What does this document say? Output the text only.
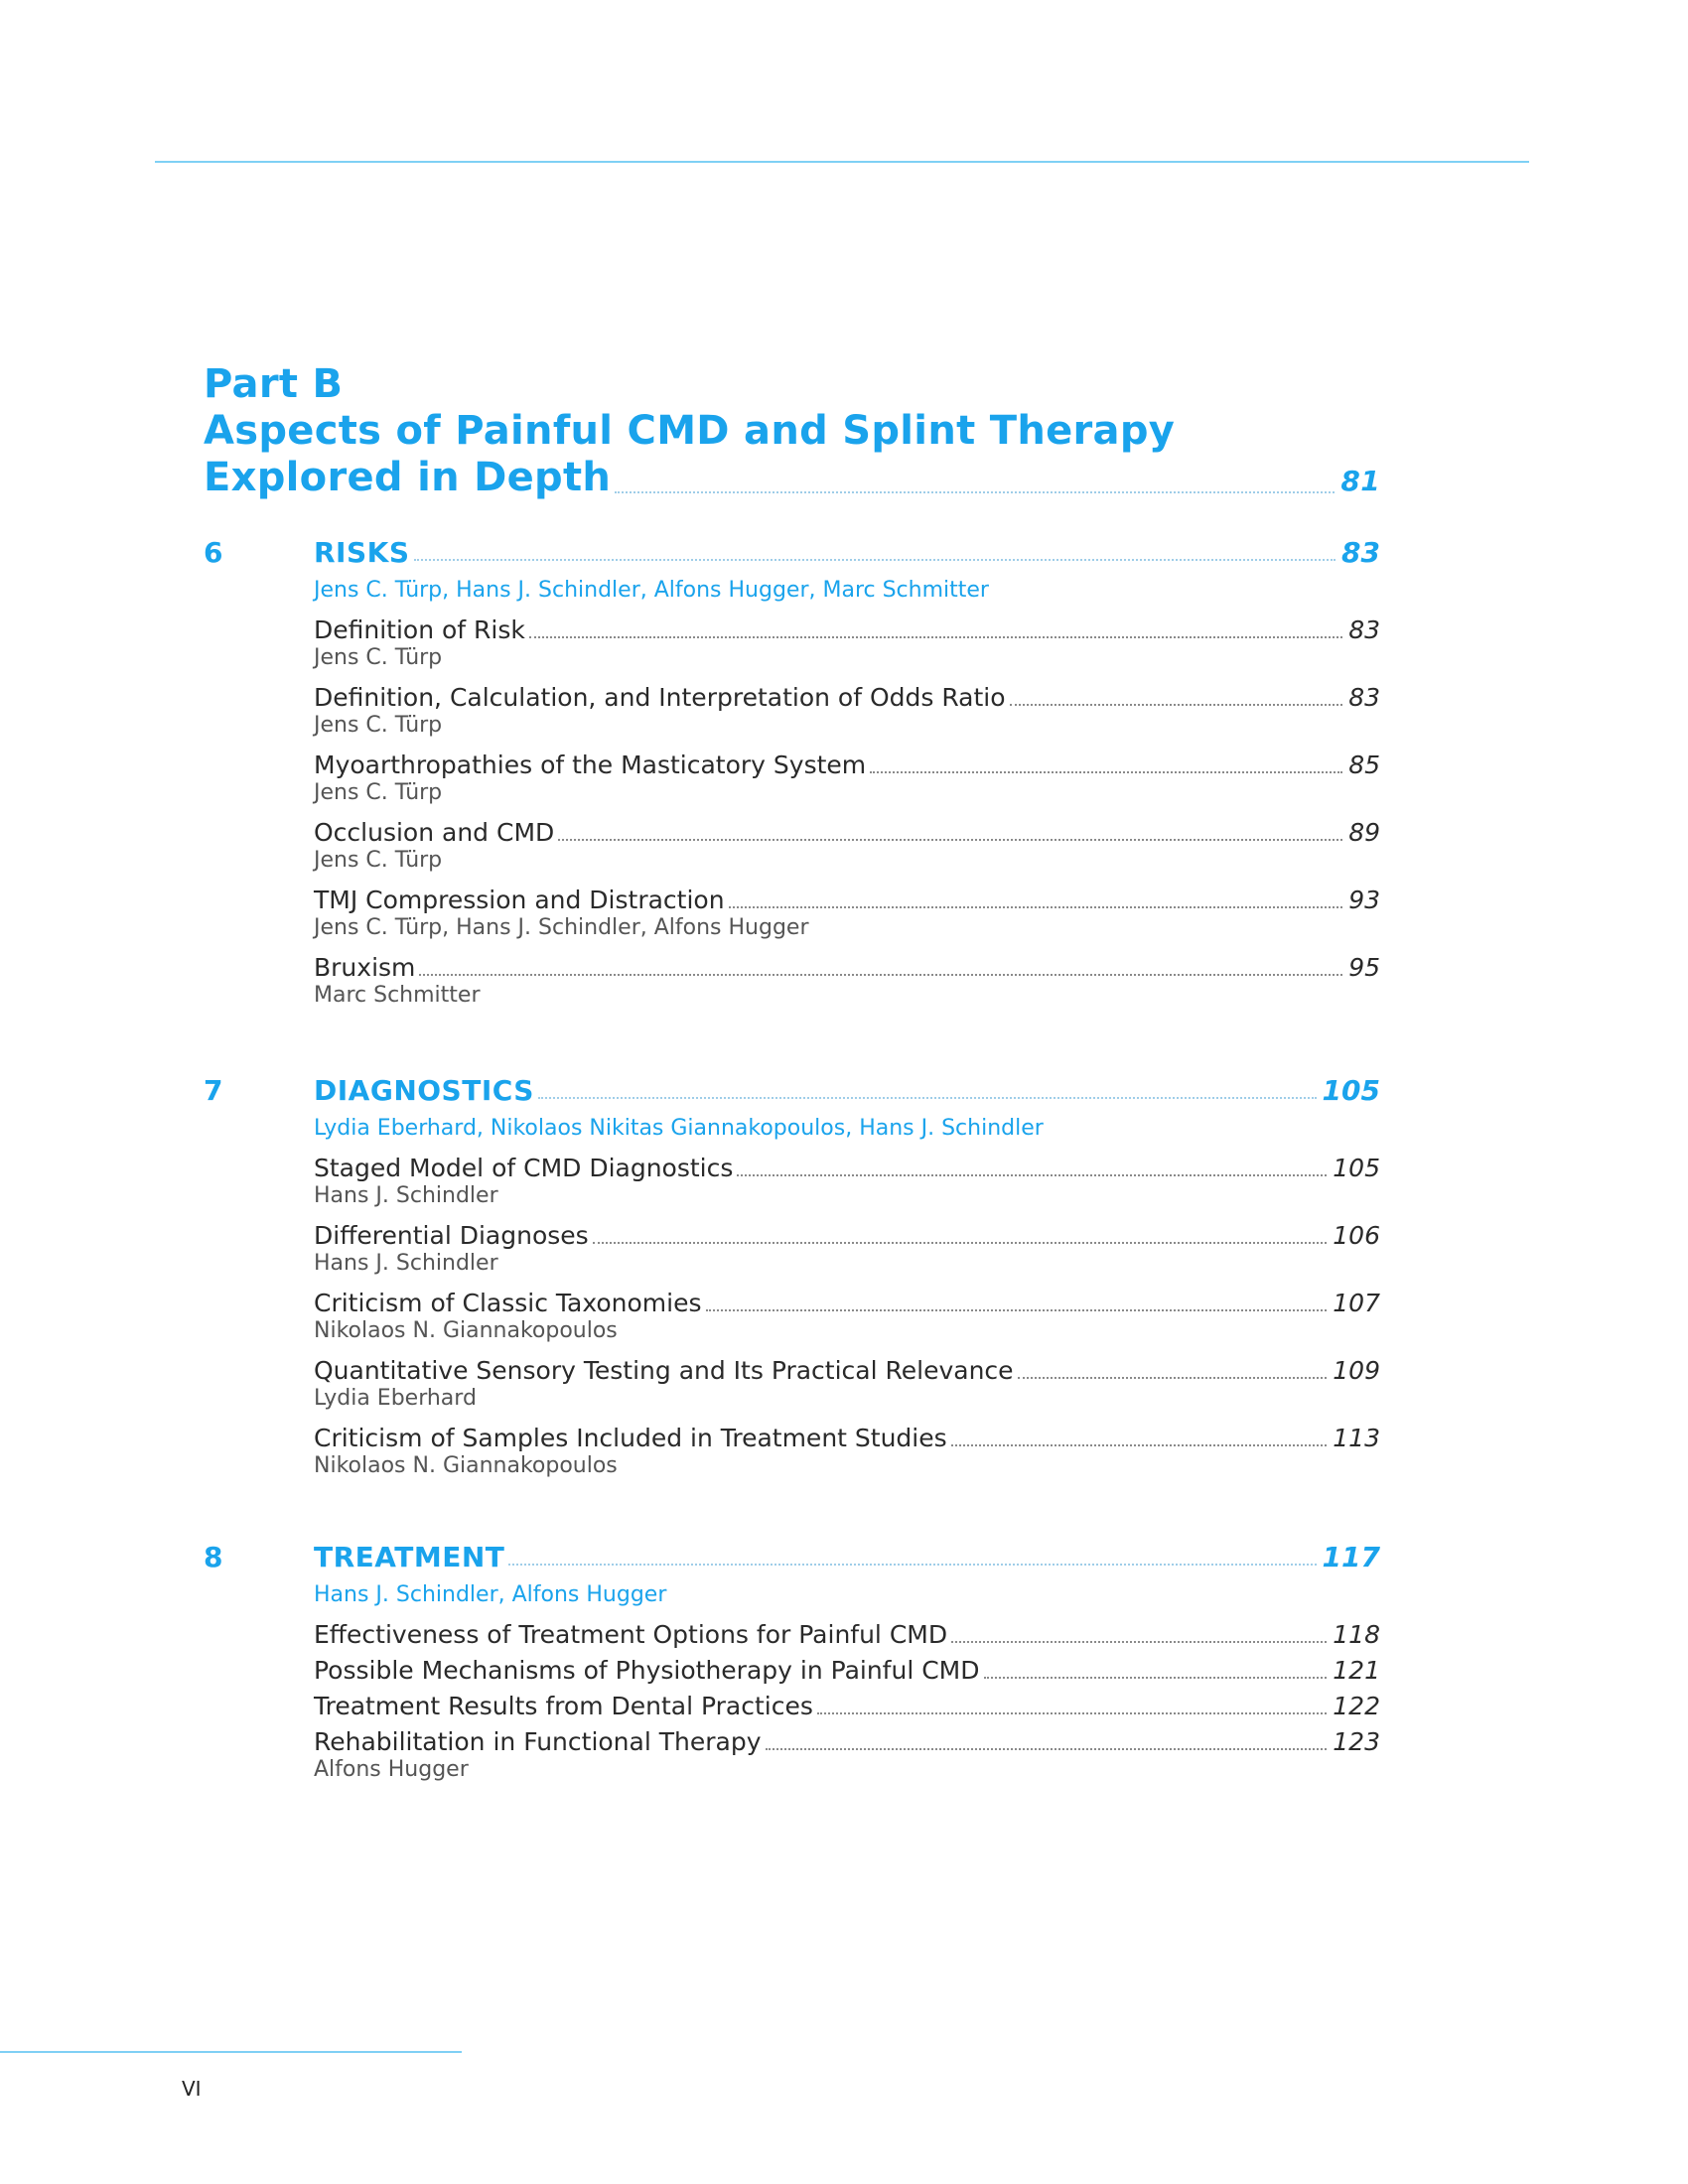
Part B
Aspects of Painful CMD and Splint Therapy
Explored in Depth	81
6	RISKS	83
Jens C. Türp, Hans J. Schindler, Alfons Hugger, Marc Schmitter
Definition of Risk	83
Jens C. Türp
Definition, Calculation, and Interpretation of Odds Ratio	83
Jens C. Türp
Myoarthropathies of the Masticatory System	85
Jens C. Türp
Occlusion and CMD	89
Jens C. Türp
TMJ Compression and Distraction	93
Jens C. Türp, Hans J. Schindler, Alfons Hugger
Bruxism	95
Marc Schmitter
7	DIAGNOSTICS	105
Lydia Eberhard, Nikolaos Nikitas Giannakopoulos, Hans J. Schindler
Staged Model of CMD Diagnostics	105
Hans J. Schindler
Differential Diagnoses	106
Hans J. Schindler
Criticism of Classic Taxonomies	107
Nikolaos N. Giannakopoulos
Quantitative Sensory Testing and Its Practical Relevance	109
Lydia Eberhard
Criticism of Samples Included in Treatment Studies	113
Nikolaos N. Giannakopoulos
8	TREATMENT	117
Hans J. Schindler, Alfons Hugger
Effectiveness of Treatment Options for Painful CMD	118
Possible Mechanisms of Physiotherapy in Painful CMD	121
Treatment Results from Dental Practices	122
Rehabilitation in Functional Therapy	123
Alfons Hugger
VI
